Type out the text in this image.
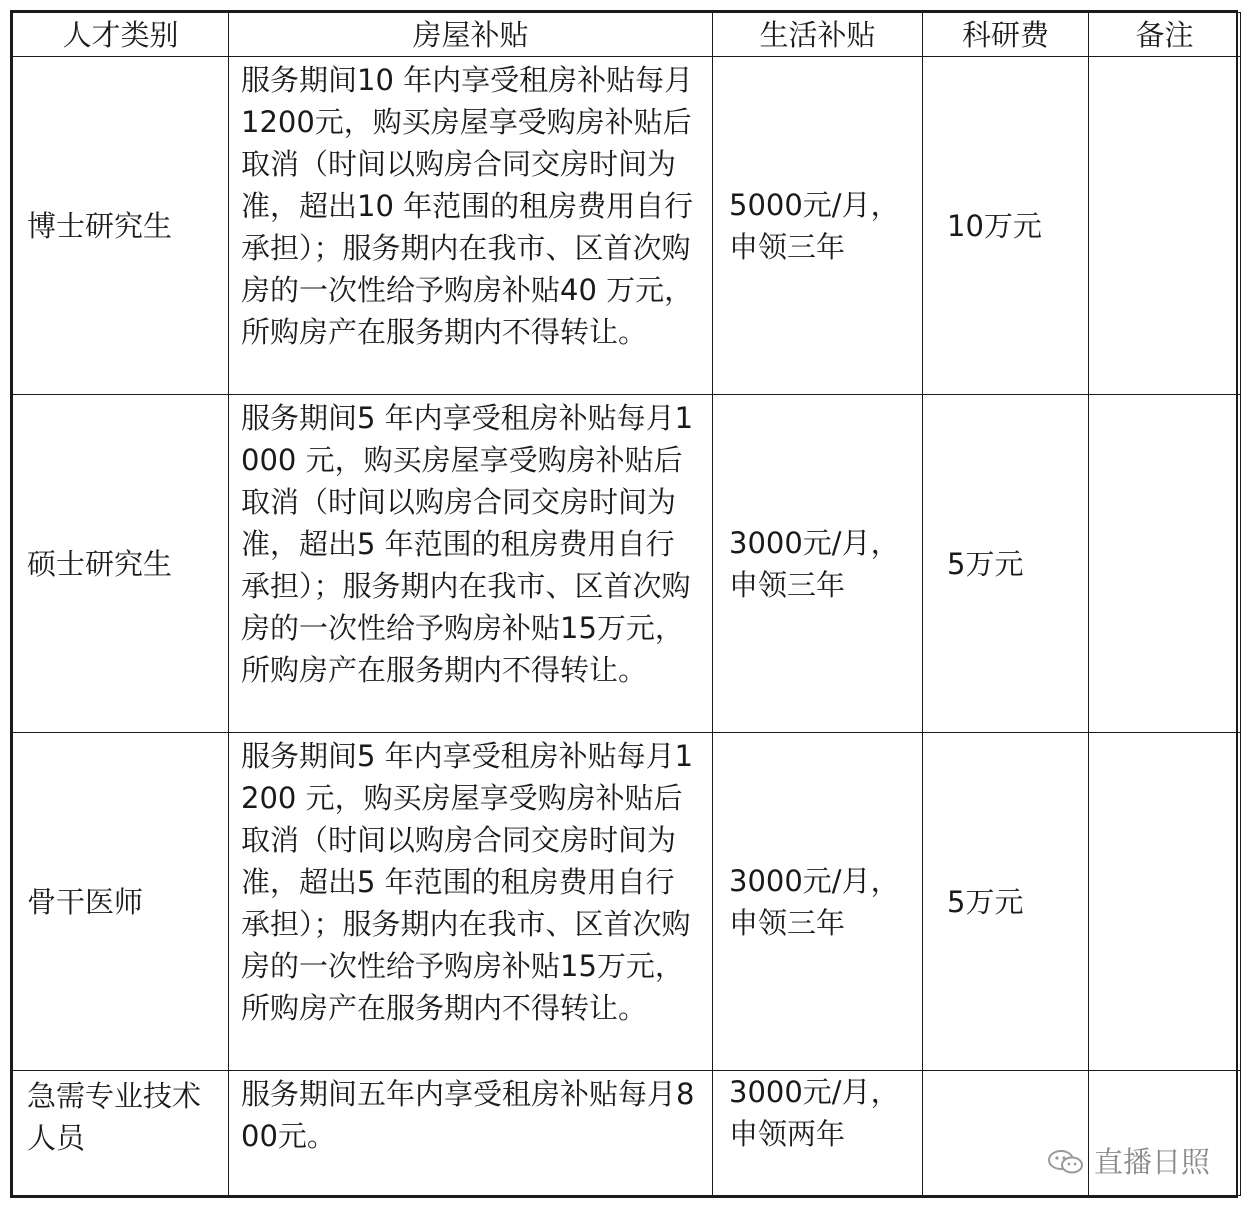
人才类别	房屋补贴	生活补贴	科研费	备注
博士研究生	服务期间10 年内享受租房补贴每月1200元，购买房屋享受购房补贴后取消（时间以购房合同交房时间为准，超出10 年范围的租房费用自行承担）；服务期内在我市、区首次购房的一次性给予购房补贴40 万元，所购房产在服务期内不得转让。	5000元/月，申领三年	10万元	
硕士研究生	服务期间5 年内享受租房补贴每月1000 元，购买房屋享受购房补贴后取消（时间以购房合同交房时间为准，超出5 年范围的租房费用自行承担）；服务期内在我市、区首次购房的一次性给予购房补贴15万元，所购房产在服务期内不得转让。	3000元/月，申领三年	5万元	
骨干医师	服务期间5 年内享受租房补贴每月1200 元，购买房屋享受购房补贴后取消（时间以购房合同交房时间为准，超出5 年范围的租房费用自行承担）；服务期内在我市、区首次购房的一次性给予购房补贴15万元，所购房产在服务期内不得转让。	3000元/月，申领三年	5万元	
急需专业技术人员	服务期间五年内享受租房补贴每月800元。	3000元/月，申领两年		
直播日照
